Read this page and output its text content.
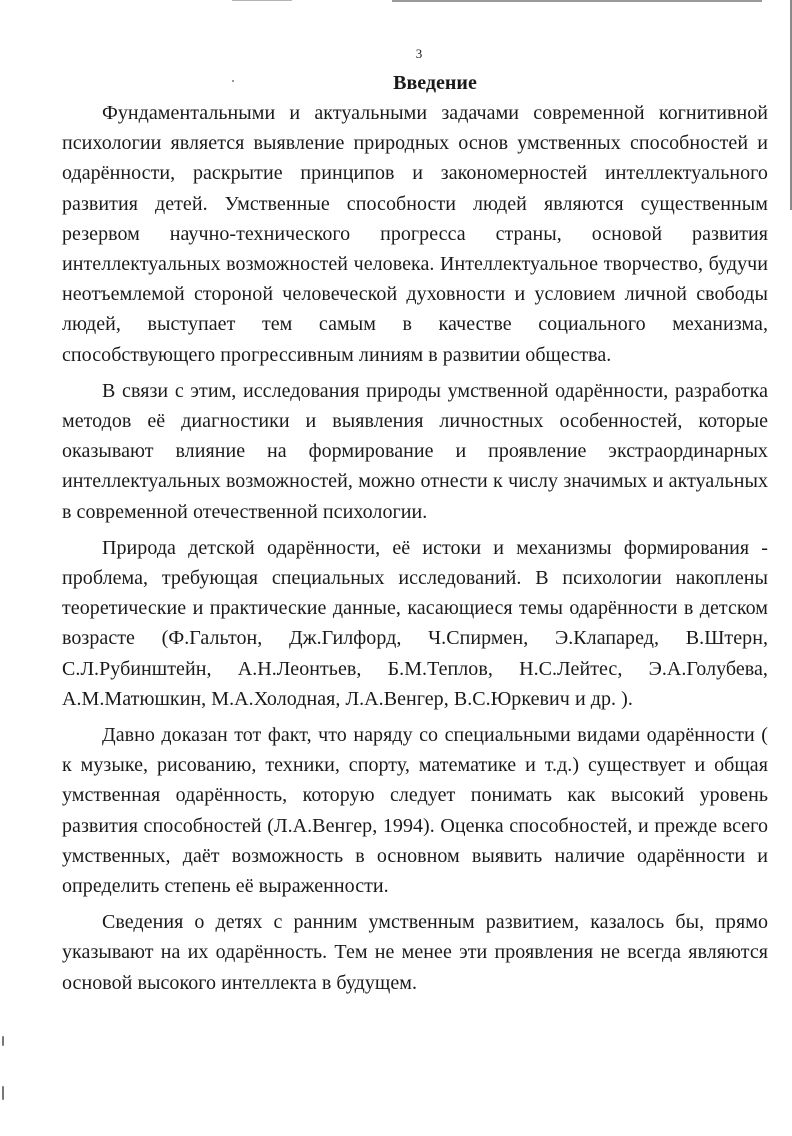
3
Введение

Фундаментальными и актуальными задачами современной когнитивной психологии является выявление природных основ умственных способностей и одарённости, раскрытие принципов и закономерностей интеллектуального развития детей. Умственные способности людей являются существенным резервом научно-технического прогресса страны, основой развития интеллектуальных возможностей человека. Интеллектуальное творчество, будучи неотъемлемой стороной человеческой духовности и условием личной свободы людей, выступает тем самым в качестве социального механизма, способствующего прогрессивным линиям в развитии общества.

В связи с этим, исследования природы умственной одарённости, разработка методов её диагностики и выявления личностных особенностей, которые оказывают влияние на формирование и проявление экстраординарных интеллектуальных возможностей, можно отнести к числу значимых и актуальных в современной отечественной психологии.

Природа детской одарённости, её истоки и механизмы формирования - проблема, требующая специальных исследований. В психологии накоплены теоретические и практические данные, касающиеся темы одарённости в детском возрасте (Ф.Гальтон, Дж.Гилфорд, Ч.Спирмен, Э.Клапаред, В.Штерн, С.Л.Рубинштейн, А.Н.Леонтьев, Б.М.Теплов, Н.С.Лейтес, Э.А.Голубева, А.М.Матюшкин, М.А.Холодная, Л.А.Венгер, В.С.Юркевич и др. ).

Давно доказан тот факт, что наряду со специальными видами одарённости ( к музыке, рисованию, техники, спорту, математике и т.д.) существует и общая умственная одарённость, которую следует понимать как высокий уровень развития способностей (Л.А.Венгер, 1994). Оценка способностей, и прежде всего умственных, даёт возможность в основном выявить наличие одарённости и определить степень её выраженности.

Сведения о детях с ранним умственным развитием, казалось бы, прямо указывают на их одарённость. Тем не менее эти проявления не всегда являются основой высокого интеллекта в будущем.
